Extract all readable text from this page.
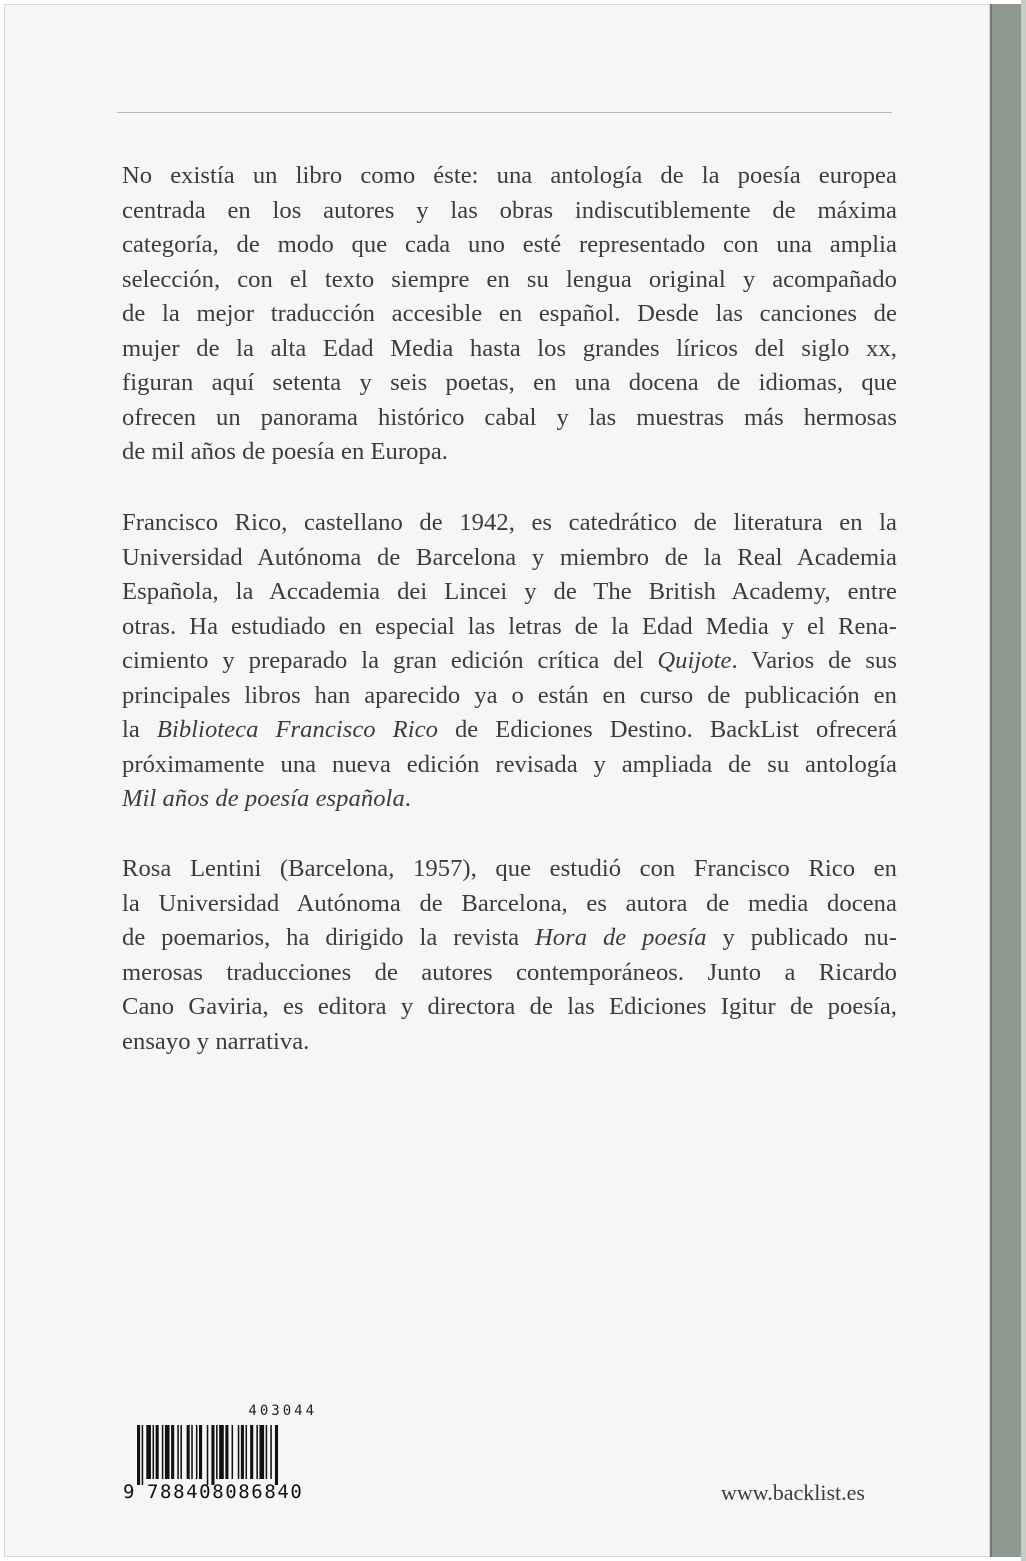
No existía un libro como éste: una antología de la poesía europea
centrada en los autores y las obras indiscutiblemente de máxima
categoría, de modo que cada uno esté representado con una amplia
selección, con el texto siempre en su lengua original y acompañado
de la mejor traducción accesible en español. Desde las canciones de
mujer de la alta Edad Media hasta los grandes líricos del siglo xx,
figuran aquí setenta y seis poetas, en una docena de idiomas, que
ofrecen un panorama histórico cabal y las muestras más hermosas
de mil años de poesía en Europa.

Francisco Rico, castellano de 1942, es catedrático de literatura en la
Universidad Autónoma de Barcelona y miembro de la Real Academia
Española, la Accademia dei Lincei y de The British Academy, entre
otras. Ha estudiado en especial las letras de la Edad Media y el Rena-
cimiento y preparado la gran edición crítica del Quijote. Varios de sus
principales libros han aparecido ya o están en curso de publicación en
la Biblioteca Francisco Rico de Ediciones Destino. BackList ofrecerá
próximamente una nueva edición revisada y ampliada de su antología
Mil años de poesía española.

Rosa Lentini (Barcelona, 1957), que estudió con Francisco Rico en
la Universidad Autónoma de Barcelona, es autora de media docena
de poemarios, ha dirigido la revista Hora de poesía y publicado nu-
merosas traducciones de autores contemporáneos. Junto a Ricardo
Cano Gaviria, es editora y directora de las Ediciones Igitur de poesía,
ensayo y narrativa.

403044
9 788408086840	www.backlist.es
